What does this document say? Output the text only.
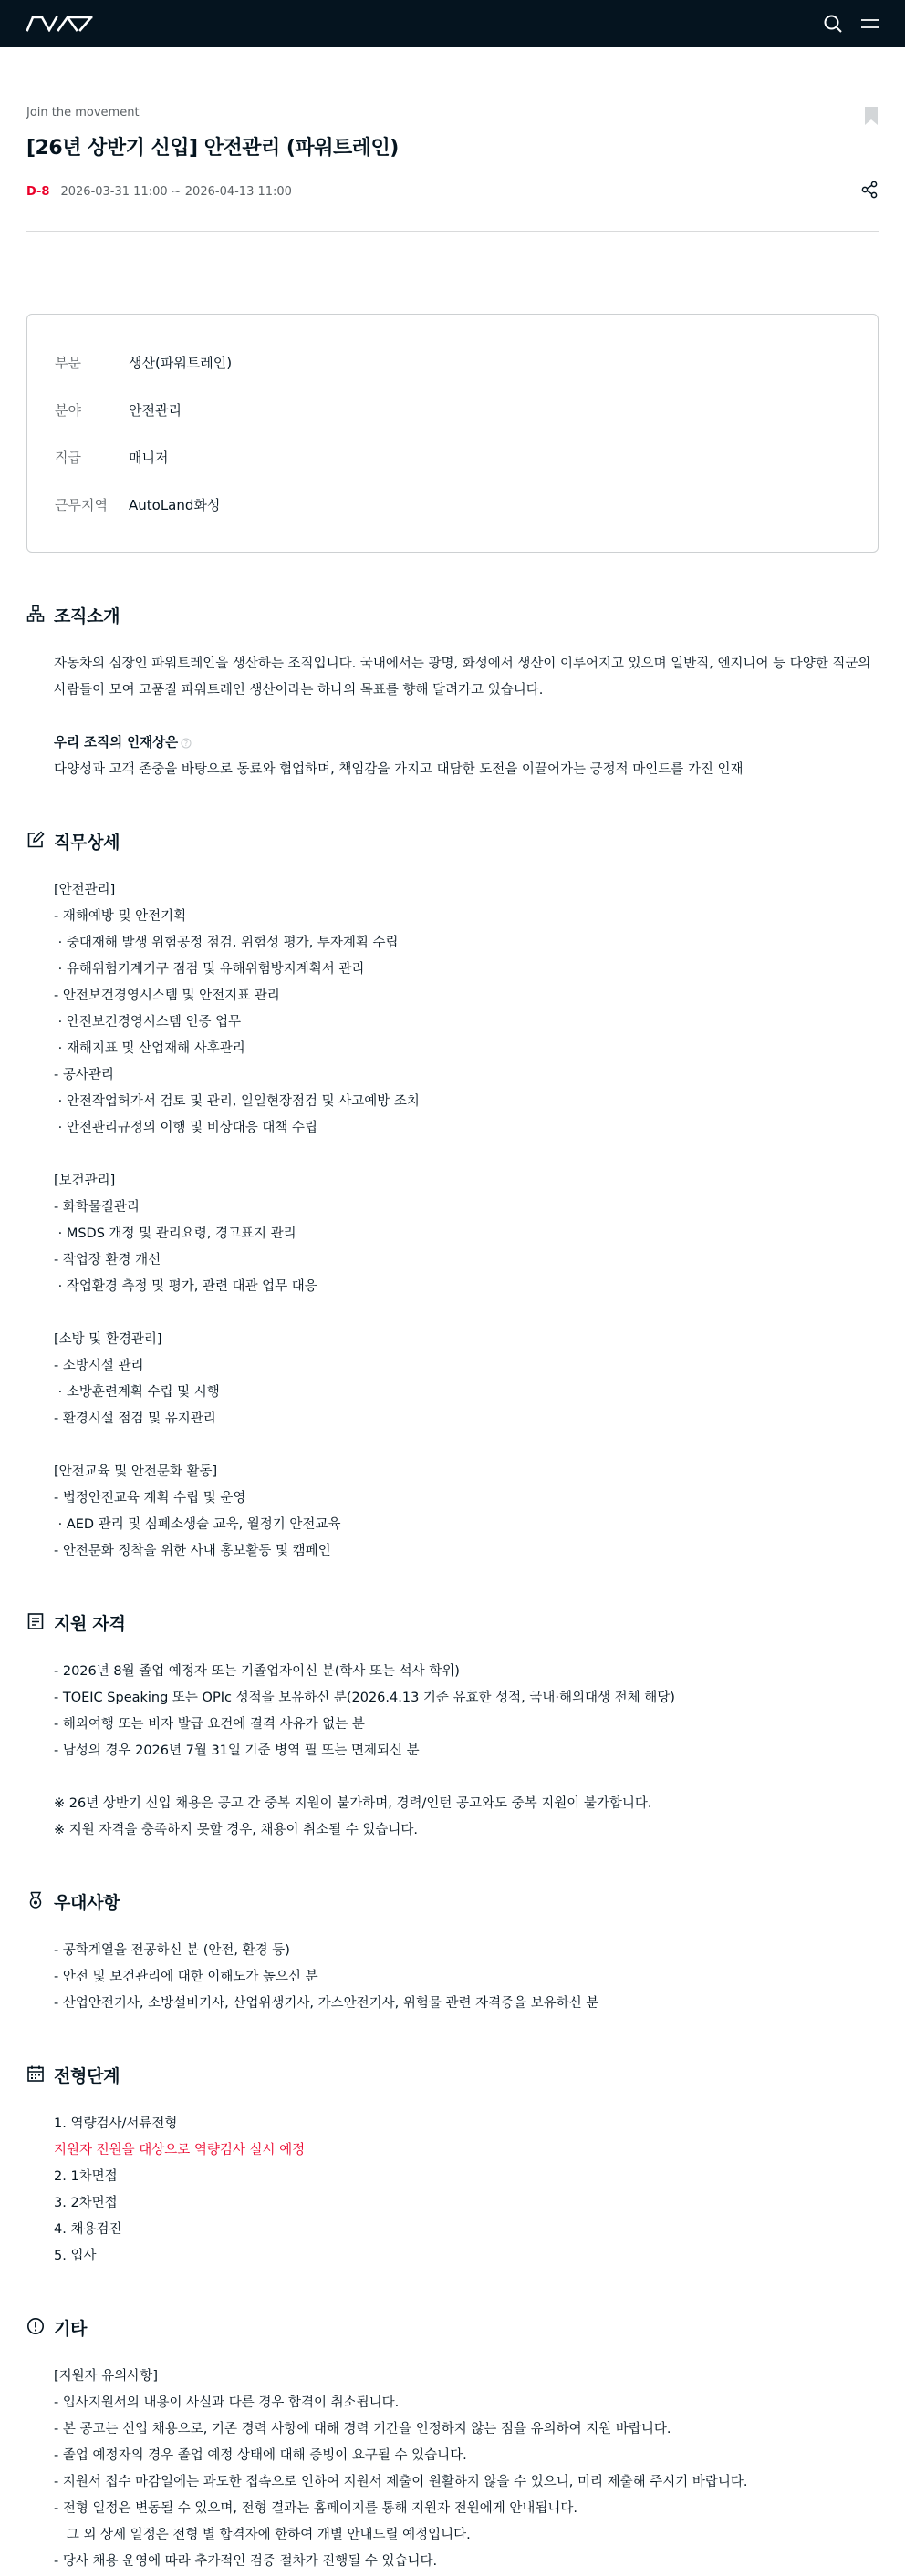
Join the movement

[26년 상반기 신입] 안전관리 (파워트레인)
D-8 2026-03-31 11:00 ~ 2026-04-13 11:00
부문	생산(파워트레인)
분야	안전관리
직급	매니저
근무지역	AutoLand화성
조직소개

자동차의 심장인 파워트레인을 생산하는 조직입니다. 국내에서는 광명, 화성에서 생산이 이루어지고 있으며 일반직, 엔지니어 등 다양한 직군의 사람들이 모여 고품질 파워트레인 생산이라는 하나의 목표를 향해 달려가고 있습니다.

우리 조직의 인재상은 ?

다양성과 고객 존중을 바탕으로 동료와 협업하며, 책임감을 가지고 대담한 도전을 이끌어가는 긍정적 마인드를 가진 인재

직무상세

[안전관리]

- 재해예방 및 안전기획

· 중대재해 발생 위험공정 점검, 위험성 평가, 투자계획 수립

· 유해위험기계기구 점검 및 유해위험방지계획서 관리

- 안전보건경영시스템 및 안전지표 관리

· 안전보건경영시스템 인증 업무

· 재해지표 및 산업재해 사후관리

- 공사관리

· 안전작업허가서 검토 및 관리, 일일현장점검 및 사고예방 조치

· 안전관리규정의 이행 및 비상대응 대책 수립

[보건관리]

- 화학물질관리

· MSDS 개정 및 관리요령, 경고표지 관리

- 작업장 환경 개선

· 작업환경 측정 및 평가, 관련 대관 업무 대응

[소방 및 환경관리]

- 소방시설 관리

· 소방훈련계획 수립 및 시행

- 환경시설 점검 및 유지관리

[안전교육 및 안전문화 활동]

- 법정안전교육 계획 수립 및 운영

· AED 관리 및 심폐소생술 교육, 월정기 안전교육

- 안전문화 정착을 위한 사내 홍보활동 및 캠페인

지원 자격

- 2026년 8월 졸업 예정자 또는 기졸업자이신 분(학사 또는 석사 학위)

- TOEIC Speaking 또는 OPIc 성적을 보유하신 분(2026.4.13 기준 유효한 성적, 국내·해외대생 전체 해당)

- 해외여행 또는 비자 발급 요건에 결격 사유가 없는 분

- 남성의 경우 2026년 7월 31일 기준 병역 필 또는 면제되신 분

※ 26년 상반기 신입 채용은 공고 간 중복 지원이 불가하며, 경력/인턴 공고와도 중복 지원이 불가합니다.

※ 지원 자격을 충족하지 못할 경우, 채용이 취소될 수 있습니다.

우대사항

- 공학계열을 전공하신 분 (안전, 환경 등)

- 안전 및 보건관리에 대한 이해도가 높으신 분

- 산업안전기사, 소방설비기사, 산업위생기사, 가스안전기사, 위험물 관련 자격증을 보유하신 분

전형단계

1. 역량검사/서류전형

지원자 전원을 대상으로 역량검사 실시 예정

2. 1차면접

3. 2차면접

4. 채용검진

5. 입사

기타

[지원자 유의사항]

- 입사지원서의 내용이 사실과 다른 경우 합격이 취소됩니다.

- 본 공고는 신입 채용으로, 기존 경력 사항에 대해 경력 기간을 인정하지 않는 점을 유의하여 지원 바랍니다.

- 졸업 예정자의 경우 졸업 예정 상태에 대해 증빙이 요구될 수 있습니다.

- 지원서 접수 마감일에는 과도한 접속으로 인하여 지원서 제출이 원활하지 않을 수 있으니, 미리 제출해 주시기 바랍니다.

- 전형 일정은 변동될 수 있으며, 전형 결과는 홈페이지를 통해 지원자 전원에게 안내됩니다.

그 외 상세 일정은 전형 별 합격자에 한하여 개별 안내드릴 예정입니다.

- 당사 채용 운영에 따라 추가적인 검증 절차가 진행될 수 있습니다.
